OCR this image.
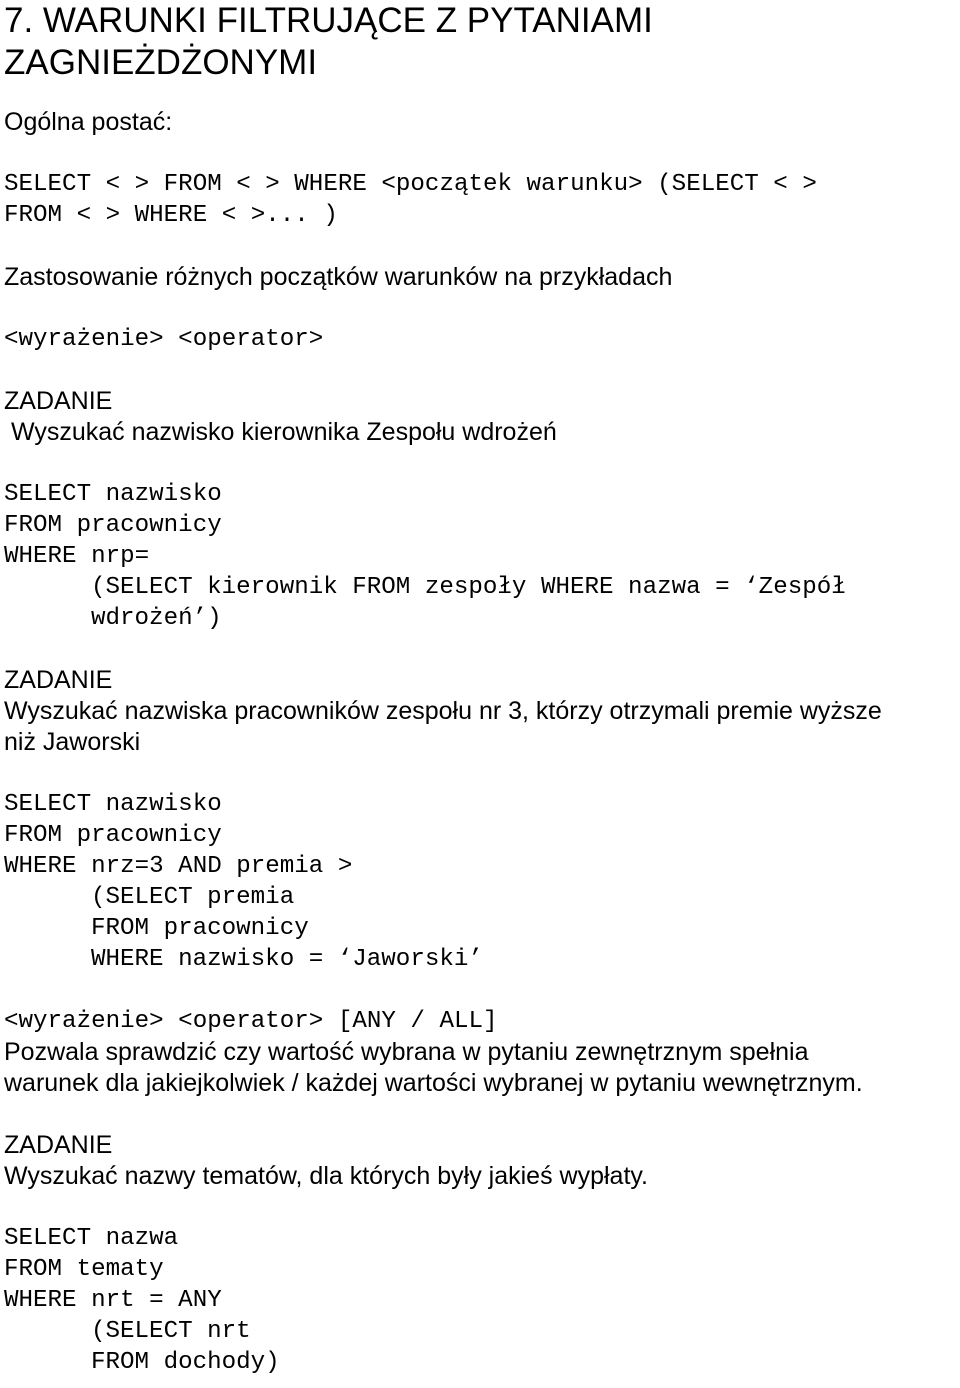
7. WARUNKI FILTRUJĄCE Z PYTANIAMI
ZAGNIEŻDŻONYMI
Ogólna postać:
SELECT < > FROM < > WHERE <początek warunku> (SELECT < >
FROM < > WHERE < >... )
Zastosowanie różnych początków warunków na przykładach
<wyrażenie> <operator>
ZADANIE
Wyszukać nazwisko kierownika Zespołu wdrożeń
SELECT nazwisko
FROM pracownicy
WHERE nrp=
(SELECT kierownik FROM zespoły WHERE nazwa = ‘Zespół
wdrożeń’)
ZADANIE
Wyszukać nazwiska pracowników zespołu nr 3, którzy otrzymali premie wyższe
niż Jaworski
SELECT nazwisko
FROM pracownicy
WHERE nrz=3 AND premia >
(SELECT premia
FROM pracownicy
WHERE nazwisko = ‘Jaworski’
<wyrażenie> <operator> [ANY / ALL]
Pozwala sprawdzić czy wartość wybrana w pytaniu zewnętrznym spełnia
warunek dla jakiejkolwiek / każdej wartości wybranej w pytaniu wewnętrznym.
ZADANIE
Wyszukać nazwy tematów, dla których były jakieś wypłaty.
SELECT nazwa
FROM tematy
WHERE nrt = ANY
(SELECT nrt
FROM dochody)
